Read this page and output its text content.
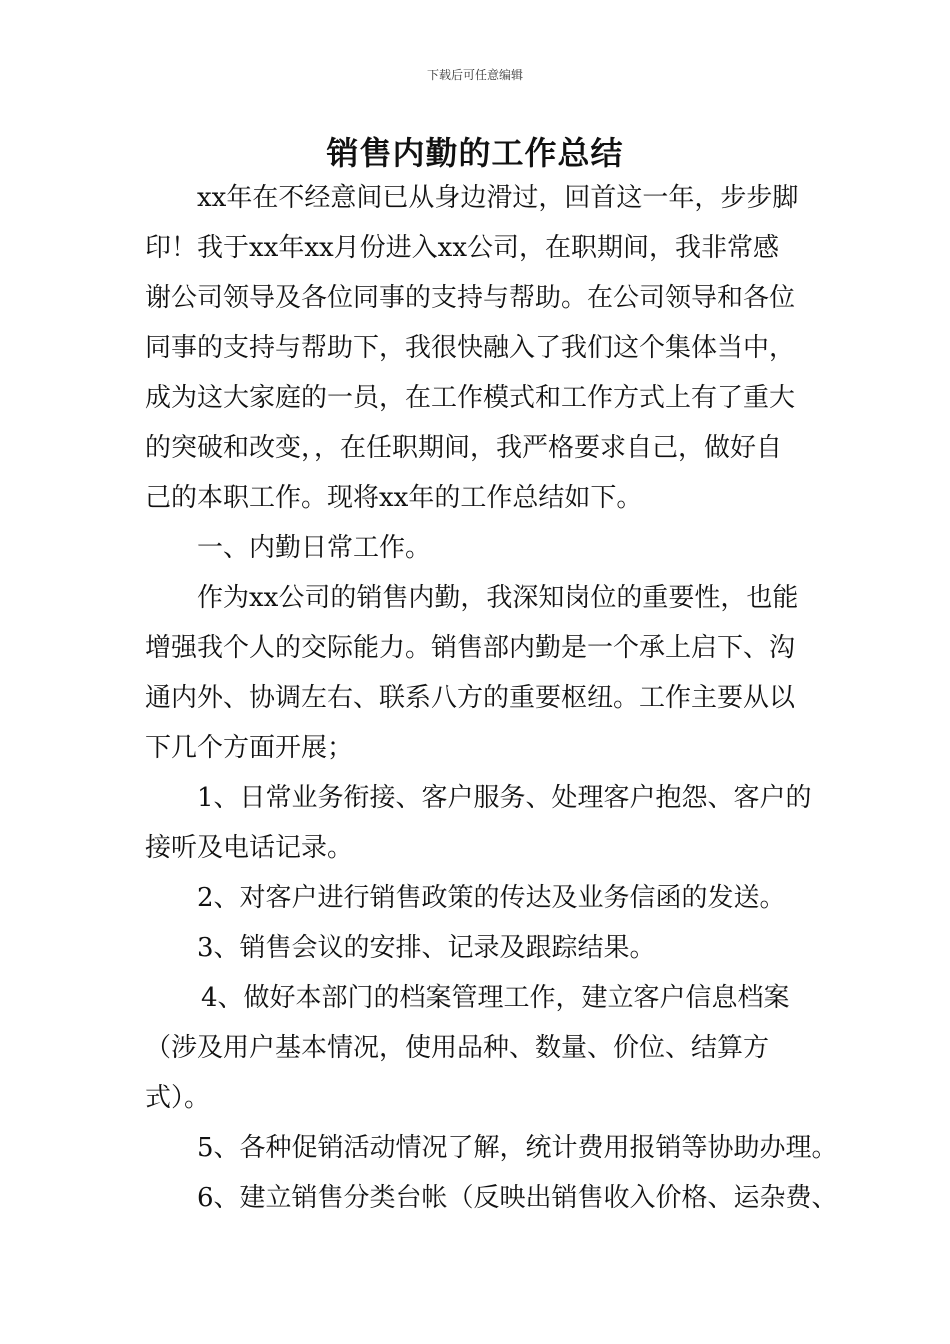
下载后可任意编辑
销售内勤的工作总结
xx年在不经意间已从身边滑过，回首这一年，步步脚
印！我于xx年xx月份进入xx公司，在职期间，我非常感
谢公司领导及各位同事的支持与帮助。在公司领导和各位
同事的支持与帮助下，我很快融入了我们这个集体当中，
成为这大家庭的一员，在工作模式和工作方式上有了重大
的突破和改变，，在任职期间，我严格要求自己，做好自
己的本职工作。现将xx年的工作总结如下。
一、内勤日常工作。
作为xx公司的销售内勤，我深知岗位的重要性，也能
增强我个人的交际能力。销售部内勤是一个承上启下、沟
通内外、协调左右、联系八方的重要枢纽。工作主要从以
下几个方面开展；
1、日常业务衔接、客户服务、处理客户抱怨、客户的
接听及电话记录。
2、对客户进行销售政策的传达及业务信函的发送。
3、销售会议的安排、记录及跟踪结果。
4、做好本部门的档案管理工作，建立客户信息档案
（涉及用户基本情况，使用品种、数量、价位、结算方
式）。
5、各种促销活动情况了解，统计费用报销等协助办理。
6、建立销售分类台帐（反映出销售收入价格、运杂费、
